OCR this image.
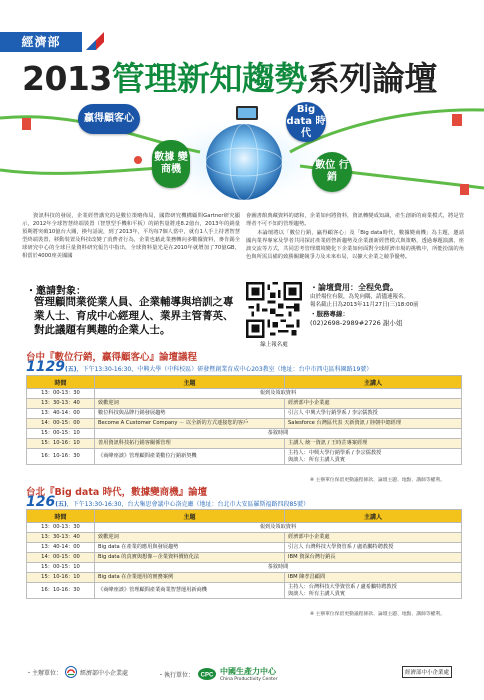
經濟部
2013管理新知趨勢系列論壇
贏得顧客心
Big data 時代
數據 變 商機	數位 行銷

資訊科技的發展，企業經營講究的是數位策略佈局，國際研究機構顧問Gartner研究顯示，2012年全球智慧終端裝置（智慧型手機和平板）的銷售量將達8.2億台，2013年的銷量預期將突破10億台大關，換句話說，到了2013年，平均每7個人當中，就有1人手上持著智慧型終端裝置，移動裝置及科技改變了消費者行為，企業也藉此業務轉向多數據資料，麥肯錫全球研究中心的全球巨量資料研究報告中指出，全球資料量光是在2010年就增加了70億GB，相當於4000座美國國

會圖書館典藏資料的總和，企業如何將資料，資訊轉變成知識，產生創新的商業模式，將是管理者不可不知的管理趨勢。

本論壇將以「數位行銷，贏得顧客心」及「Big data時代，數據變商機」為主題，邀請國內業界專家及學者共同探討產業經營新趨勢及企業創新經營模式與策略，透過專題演講、座談交流等方式，共同思考管理環境變化下企業如何面對全球經濟市場的挑戰中，所能扮演的角色與所需具備的致勝關鍵競爭力及未來布局，以擴大企業之競爭優勢。

・邀請對象：
管理顧問業從業人員、企業輔導與培訓之專業人士、育成中心經理人、業界主管菁英、對此議題有興趣的企業人士。
線上報名處
・論壇費用：全程免費。
由於場位有限，為免向隅，請儘速報名。
報名截止日為2013年11月27日(三)18:00前
・服務專線：
(02)2698-2989#2726 謝小姐
台中『數位行銷，贏得顧客心』論壇議程
1129(五)，下午13:30-16:30，中興大學（中科校區）研發暨創業育成中心203教室（地址：台中市西屯區科園路19號）
時間	主題	主講人
13：00-13：30	報到及領取資料	
13：30-13：40	致歡迎詞	經濟部中小企業處
13：40-14：00	數位科技與品牌行銷發展趨勢	引言人 中興大學行銷學系 / 李宗儒教授
14：00-15：00	Become A Customer Company － 以全新的方式連接您的客戶	Salesforce 台灣區代表 天新資訊 / 陸朝中總經理
15：00-15：10	茶敘時間	
15：10-16：10	善用資訊科技拓行銷客關係管理	主講人 統一資訊 / 王時芷專案經理
16：10-16：30	《商峰座談》管理顧問產業數位行銷新契機	主持人：中興大學行銷學系 / 李宗儒教授
與談人：所有主講人貴賓
※ 主辦單位保留更動議程條款、論壇主題、地點、講師等權利。
台北『Big data 時代，數據變商機』論壇
126(五)，下午13:30-16:30，台大集思會議中心洛克廳（地址：台北市大安區羅斯福路四段85號）
時間	主題	主講人
13：00-13：30	報到及領取資料	
13：30-13：40	致歡迎詞	經濟部中小企業處
13：40-14：00	Big data 在產業的應用與發展趨勢	引言人 台灣科技大學資管系 / 盧希鵬特聘教授
14：00-15：00	Big data 的真實與想像－企業資料價值化法	IBM 資深台灣行銷長
15：00-15：10	茶敘時間	
15：10-16：10	Big data 在企業運用的實務案例	IBM 陳孝昌顧問
16：10-16：30	《商峰座談》管理顧問產業商業智慧運用新商機	主持人：台灣科技大學資管系 / 盧希鵬特聘教授
與談人：所有主講人貴賓
※ 主辦單位保留更動議程條款、論壇主題、地點、講師等權利。
・主辦單位：	經濟部中小企業處	・執行單位： CPC 中國生產力中心
China Productivity Center
經濟部中小企業處
